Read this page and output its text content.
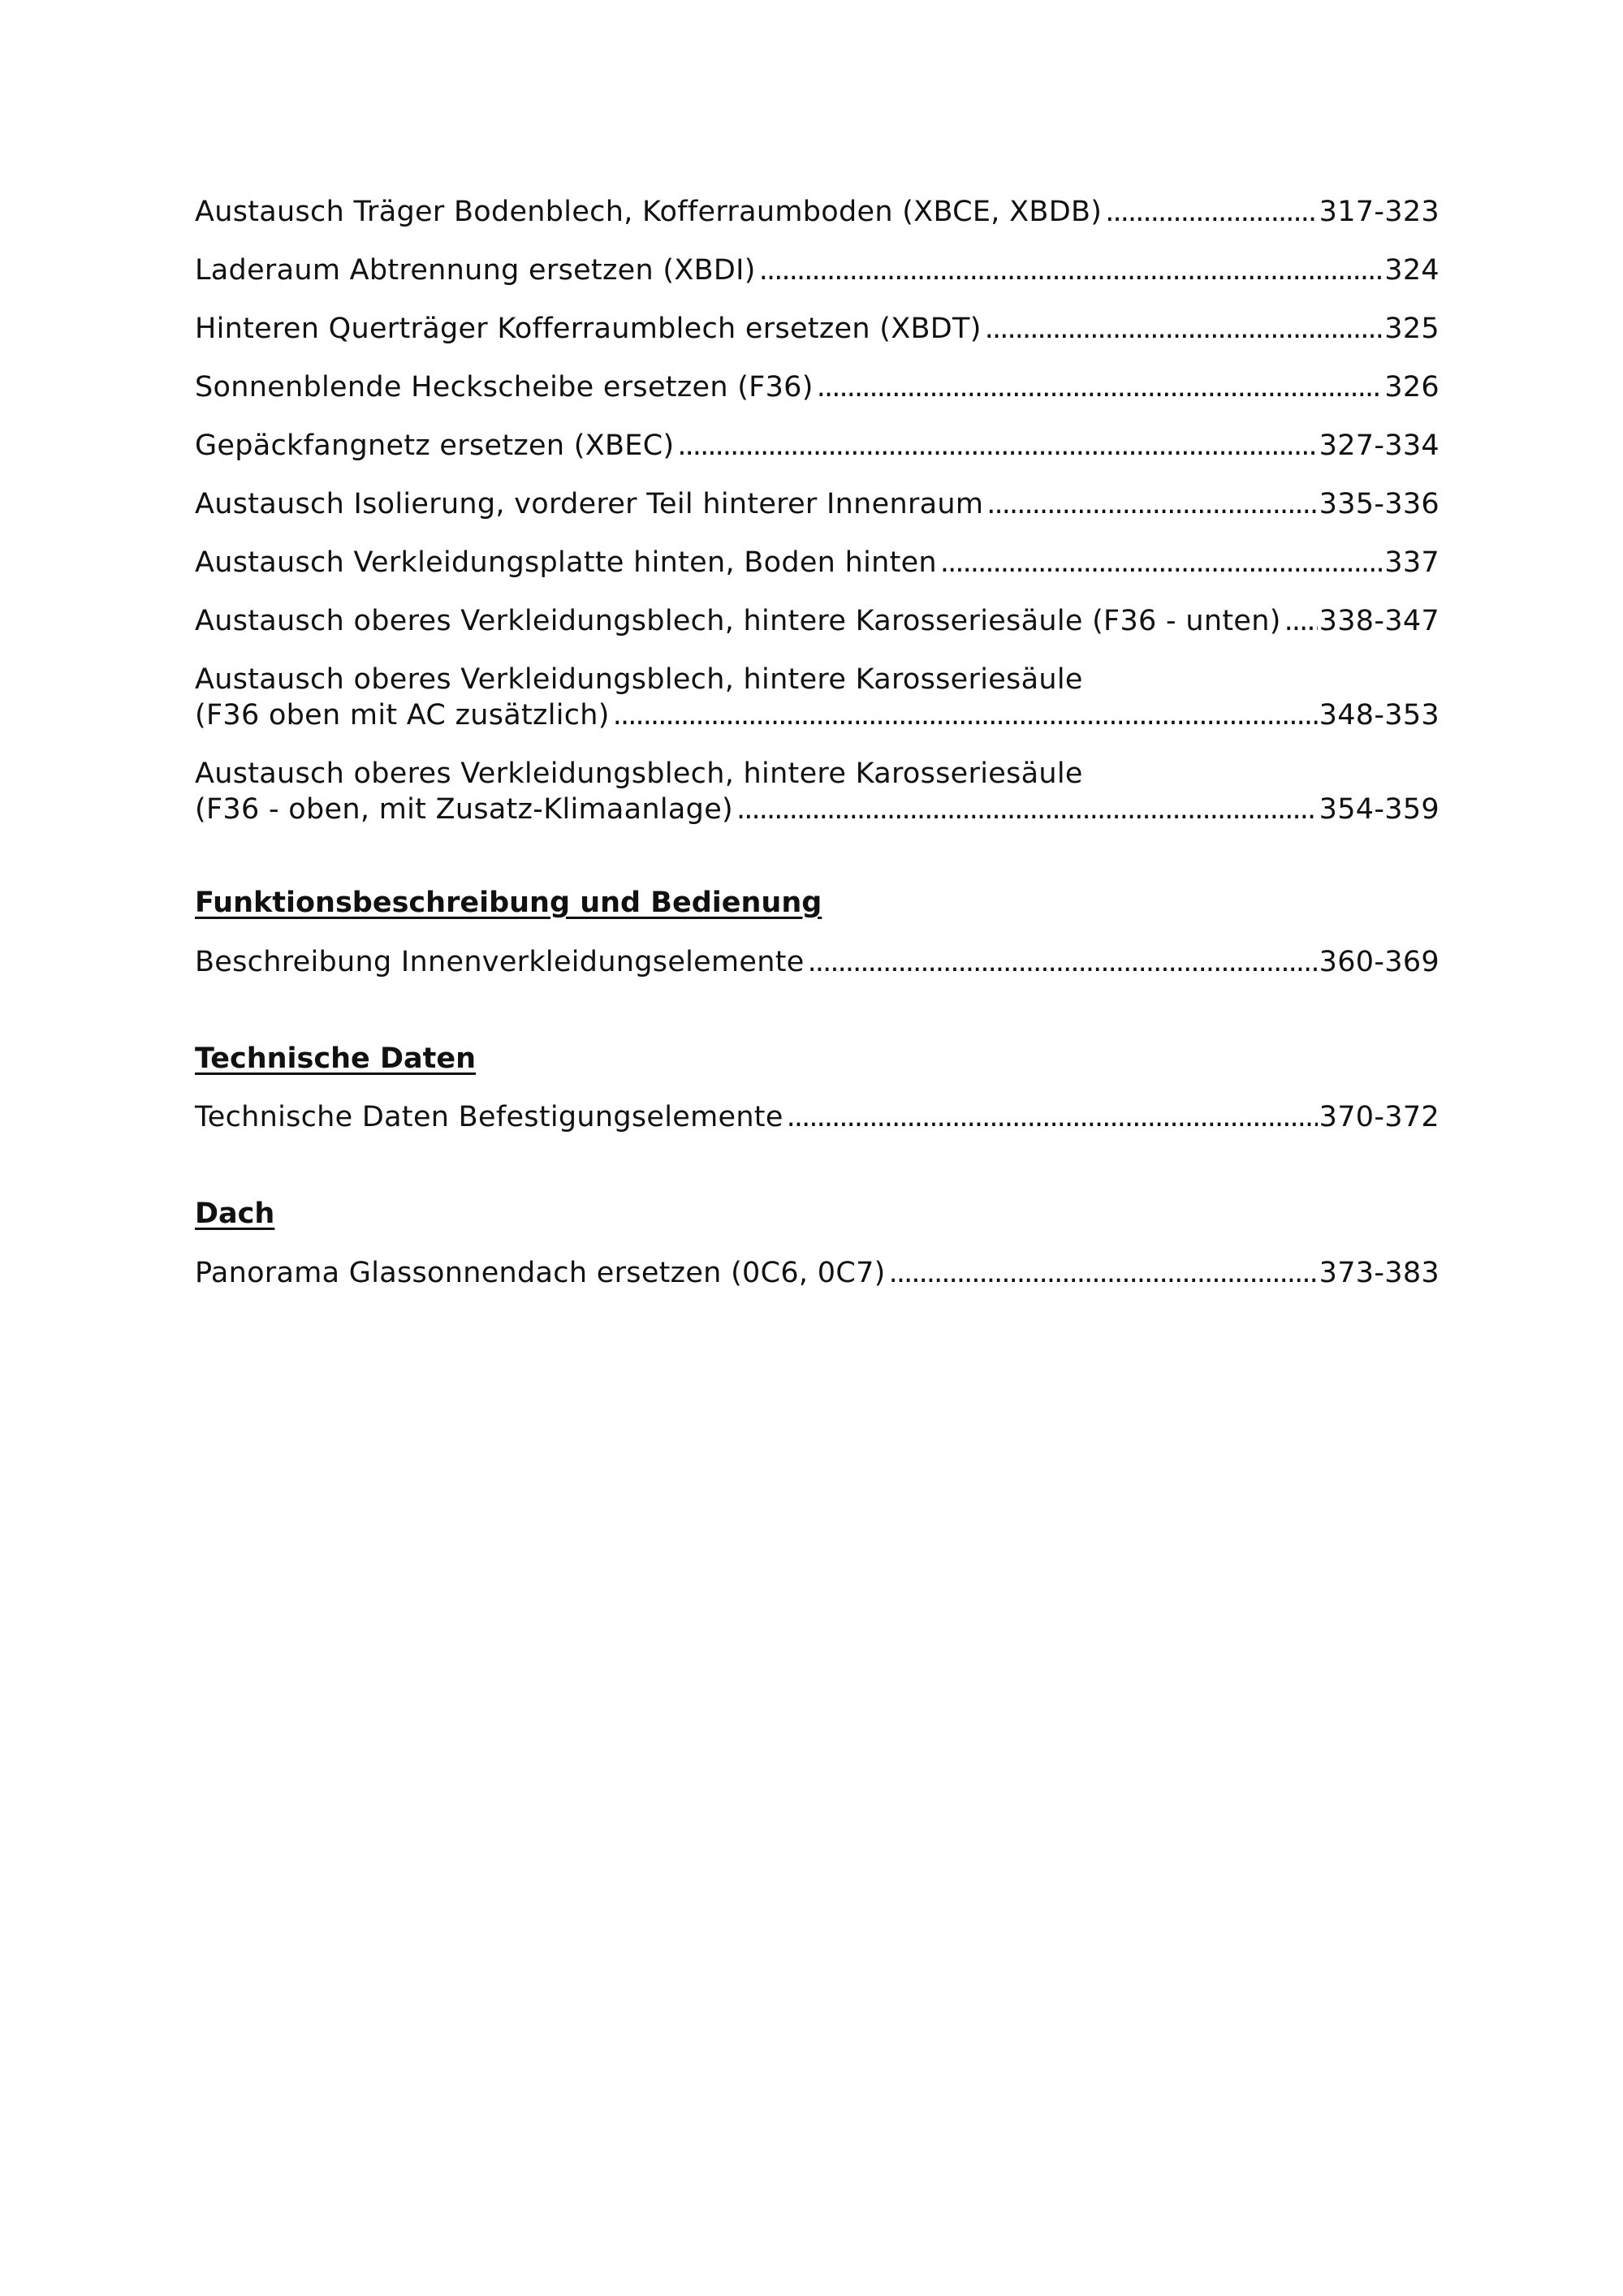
Austausch Träger Bodenblech, Kofferraumboden (XBCE, XBDB) . . .	317-323
Laderaum Abtrennung ersetzen (XBDI) . . .	324
Hinteren Querträger Kofferraumblech ersetzen (XBDT) . . .	325
Sonnenblende Heckscheibe ersetzen (F36) . . .	326
Gepäckfangnetz ersetzen (XBEC) . . .	327-334
Austausch Isolierung, vorderer Teil hinterer Innenraum . . .	335-336
Austausch Verkleidungsplatte hinten, Boden hinten . . .	337
Austausch oberes Verkleidungsblech, hintere Karosseriesäule (F36 - unten) . . . 338-347
Austausch oberes Verkleidungsblech, hintere Karosseriesäule
(F36 oben mit AC zusätzlich) . . .	348-353
Austausch oberes Verkleidungsblech, hintere Karosseriesäule
(F36 - oben, mit Zusatz-Klimaanlage) . . .	354-359
Funktionsbeschreibung und Bedienung
Beschreibung Innenverkleidungselemente . . .	360-369
Technische Daten
Technische Daten Befestigungselemente . . .	370-372
Dach
Panorama Glassonnendach ersetzen (0C6, 0C7) . . .	373-383
